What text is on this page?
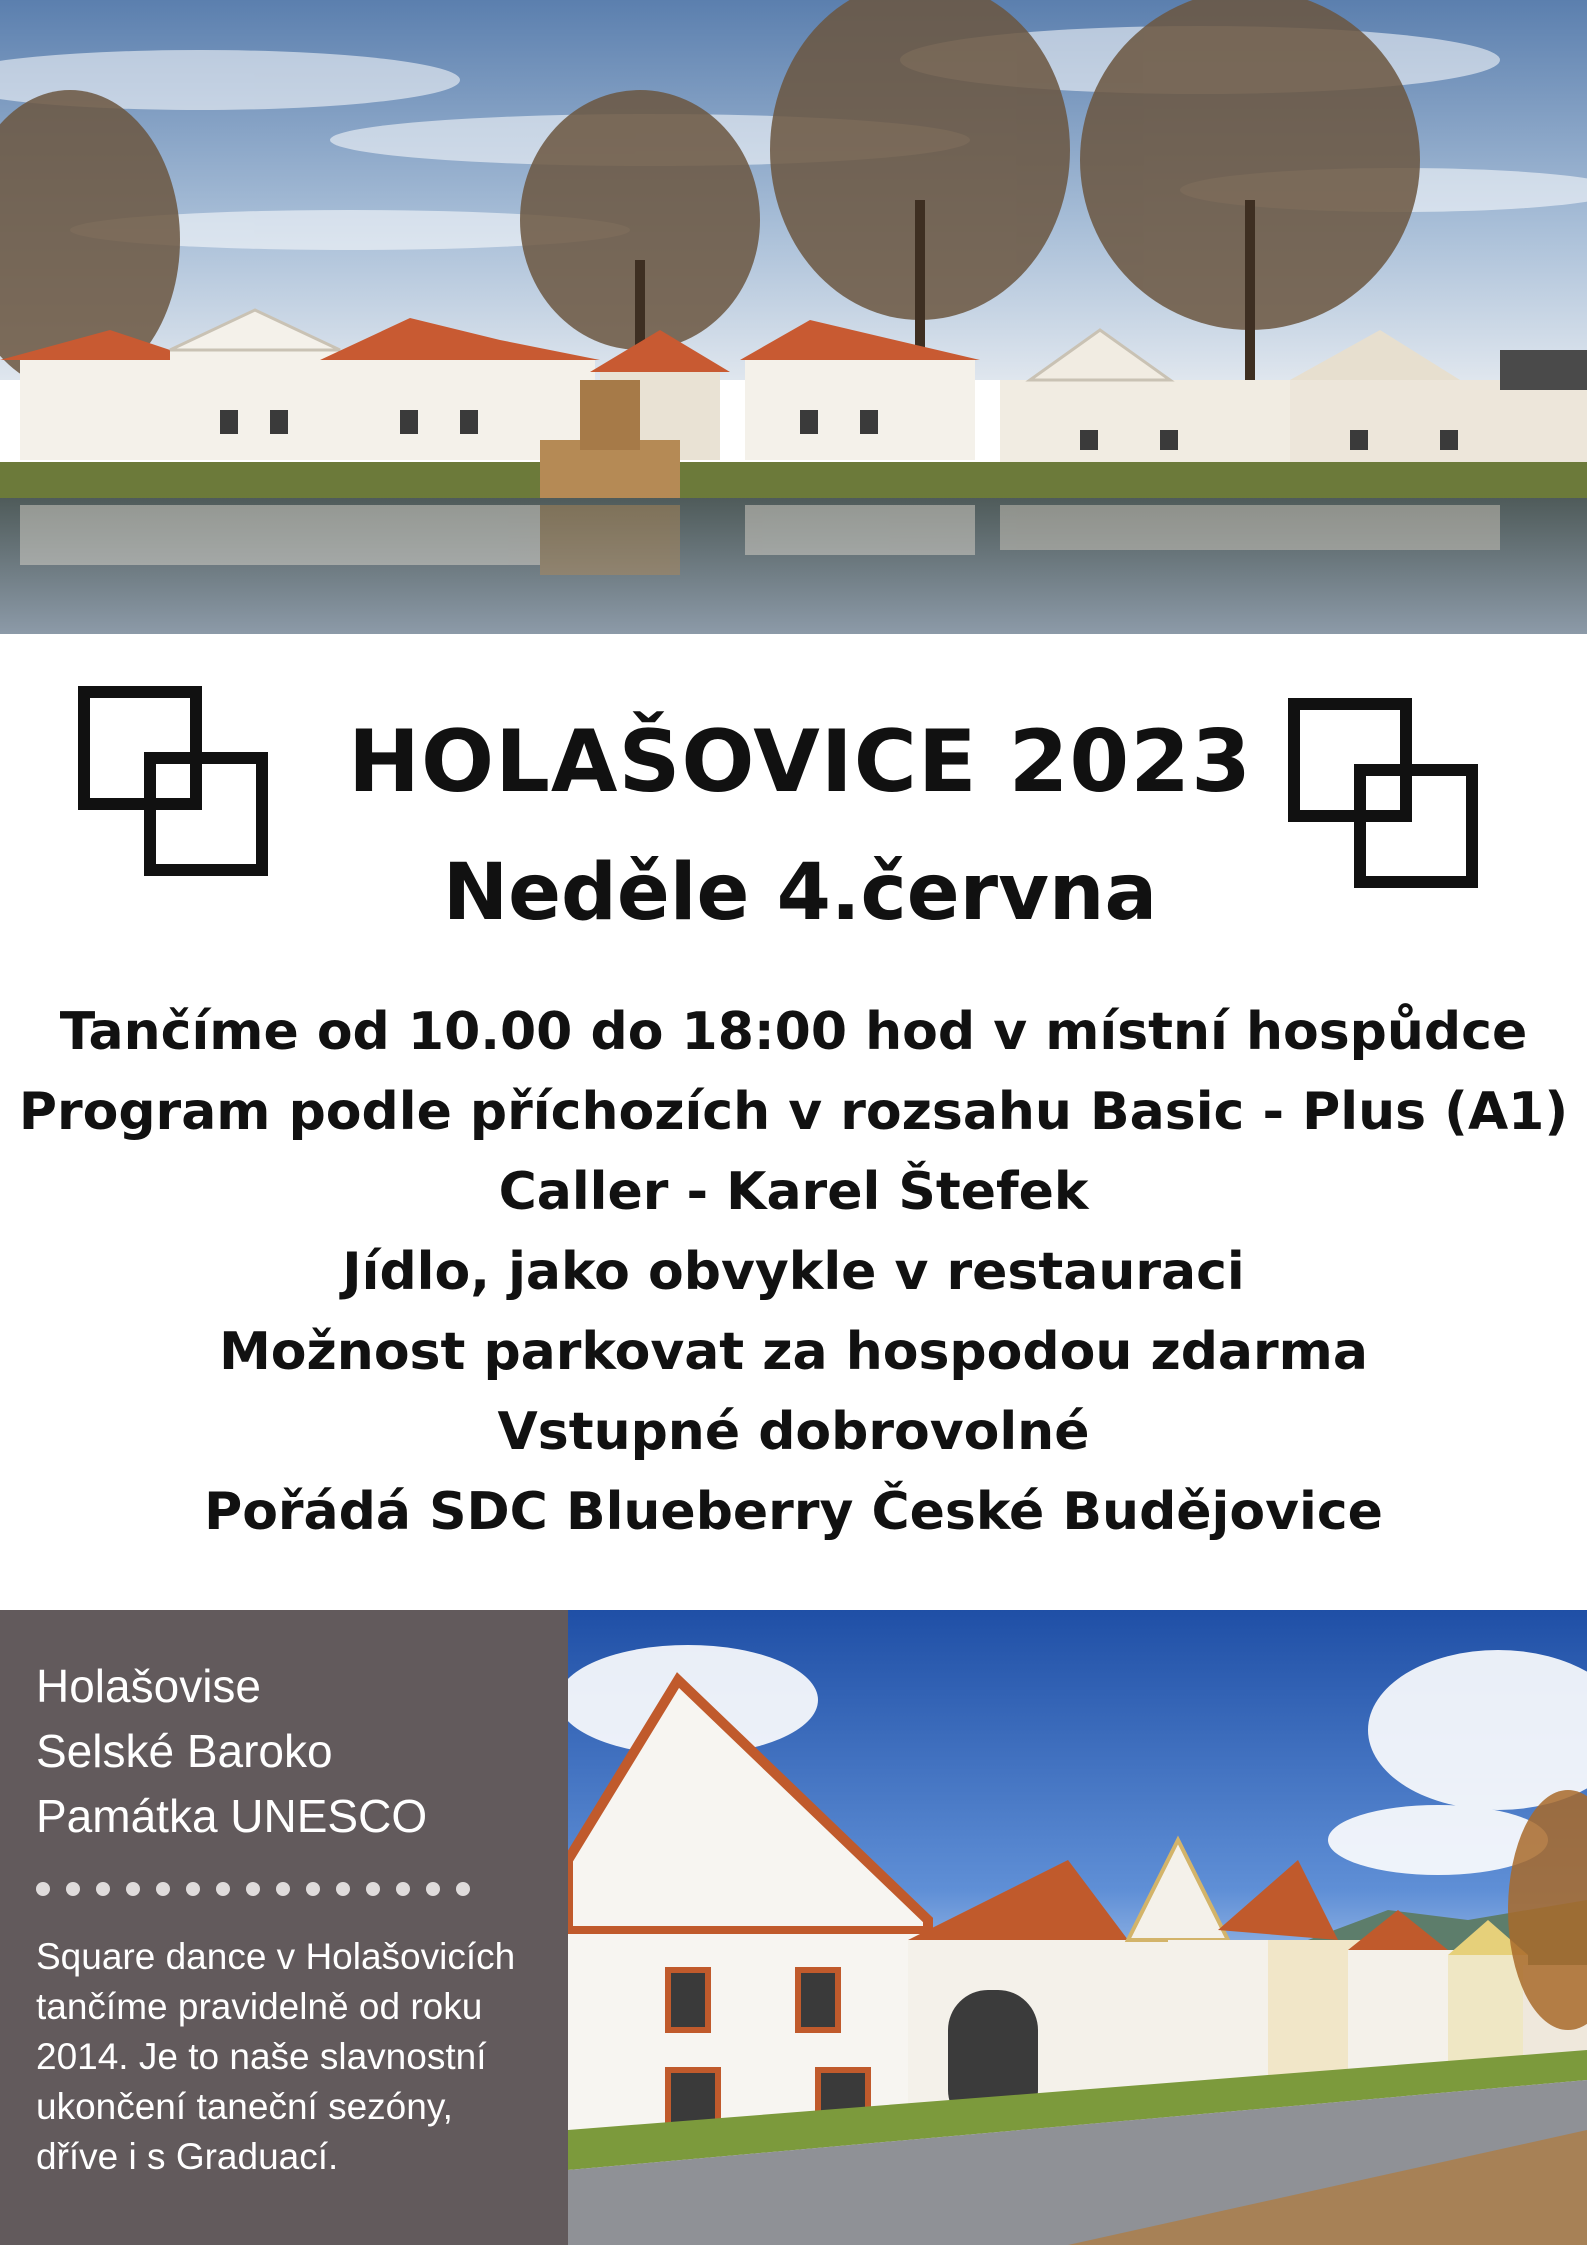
HOLAŠOVICE 2023
Neděle 4.června
Tančíme od 10.00 do 18:00 hod v místní hospůdce
Program podle příchozích v rozsahu Basic - Plus (A1)
Caller - Karel Štefek
Jídlo, jako obvykle v restauraci
Možnost parkovat za hospodou zdarma
Vstupné dobrovolné
Pořádá SDC Blueberry České Budějovice
Holašovise
Selské Baroko
Památka UNESCO
Square dance v Holašovicích
tančíme pravidelně od roku
2014. Je to naše slavnostní
ukončení taneční sezóny,
dříve i s Graduací.
